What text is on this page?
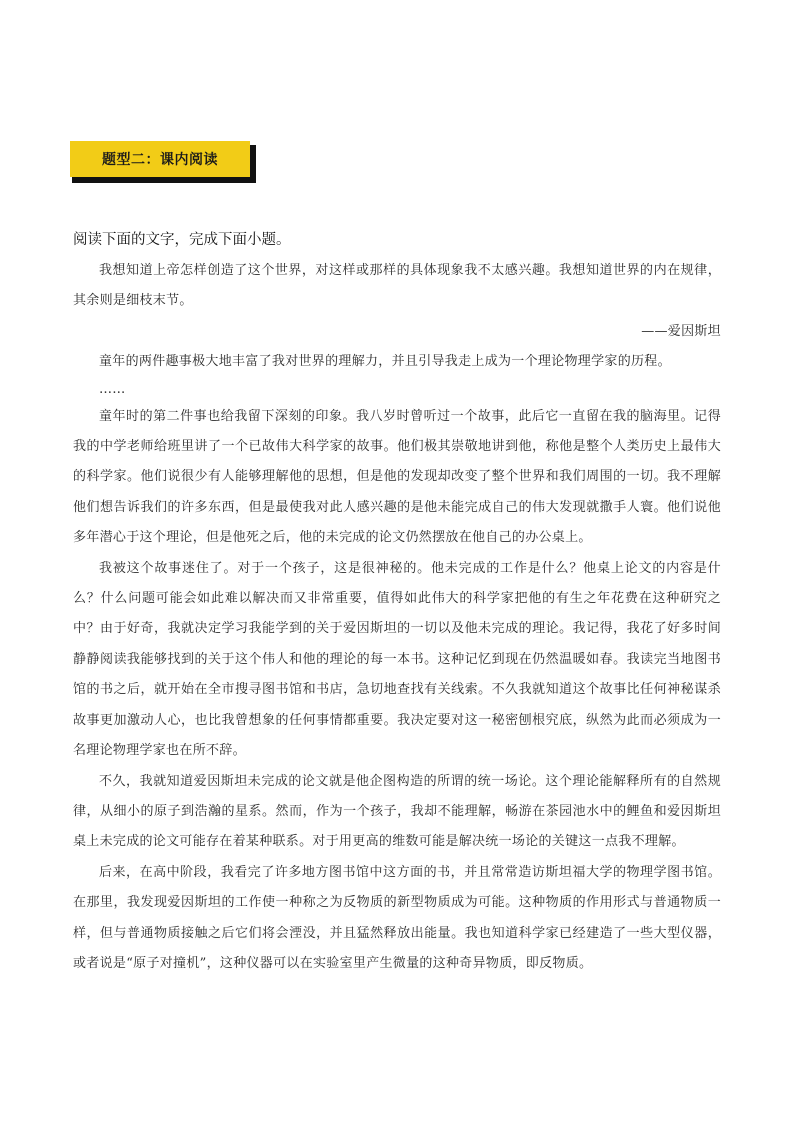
题型二：课内阅读
阅读下面的文字，完成下面小题。

我想知道上帝怎样创造了这个世界，对这样或那样的具体现象我不太感兴趣。我想知道世界的内在规律，其余则是细枝末节。

——爱因斯坦

童年的两件趣事极大地丰富了我对世界的理解力，并且引导我走上成为一个理论物理学家的历程。

……

童年时的第二件事也给我留下深刻的印象。我八岁时曾听过一个故事，此后它一直留在我的脑海里。记得我的中学老师给班里讲了一个已故伟大科学家的故事。他们极其崇敬地讲到他，称他是整个人类历史上最伟大的科学家。他们说很少有人能够理解他的思想，但是他的发现却改变了整个世界和我们周围的一切。我不理解他们想告诉我们的许多东西，但是最使我对此人感兴趣的是他未能完成自己的伟大发现就撒手人寰。他们说他多年潜心于这个理论，但是他死之后，他的未完成的论文仍然摆放在他自己的办公桌上。

我被这个故事迷住了。对于一个孩子，这是很神秘的。他未完成的工作是什么？他桌上论文的内容是什么？什么问题可能会如此难以解决而又非常重要，值得如此伟大的科学家把他的有生之年花费在这种研究之中？由于好奇，我就决定学习我能学到的关于爱因斯坦的一切以及他未完成的理论。我记得，我花了好多时间静静阅读我能够找到的关于这个伟人和他的理论的每一本书。这种记忆到现在仍然温暖如春。我读完当地图书馆的书之后，就开始在全市搜寻图书馆和书店，急切地查找有关线索。不久我就知道这个故事比任何神秘谋杀故事更加激动人心，也比我曾想象的任何事情都重要。我决定要对这一秘密刨根究底，纵然为此而必须成为一名理论物理学家也在所不辞。

不久，我就知道爱因斯坦未完成的论文就是他企图构造的所谓的统一场论。这个理论能解释所有的自然规律，从细小的原子到浩瀚的星系。然而，作为一个孩子，我却不能理解，畅游在茶园池水中的鲤鱼和爱因斯坦桌上未完成的论文可能存在着某种联系。对于用更高的维数可能是解决统一场论的关键这一点我不理解。

后来，在高中阶段，我看完了许多地方图书馆中这方面的书，并且常常造访斯坦福大学的物理学图书馆。在那里，我发现爱因斯坦的工作使一种称之为反物质的新型物质成为可能。这种物质的作用形式与普通物质一样，但与普通物质接触之后它们将会湮没，并且猛然释放出能量。我也知道科学家已经建造了一些大型仪器，或者说是“原子对撞机”，这种仪器可以在实验室里产生微量的这种奇异物质，即反物质。
